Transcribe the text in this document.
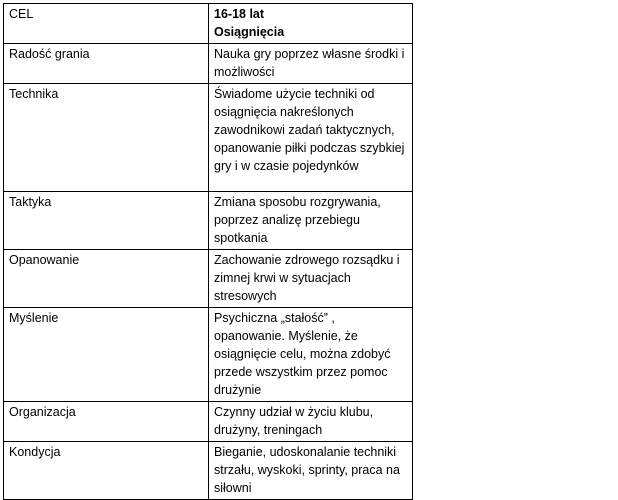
CEL	16-18 lat
Osiągnięcia

Radość grania	Nauka gry poprzez własne środki i możliwości
Technika	Świadome użycie techniki od osiągnięcia nakreślonych zawodnikowi zadań taktycznych, opanowanie piłki podczas szybkiej gry i w czasie pojedynków
Taktyka	Zmiana sposobu rozgrywania, poprzez analizę przebiegu spotkania
Opanowanie	Zachowanie zdrowego rozsądku i zimnej krwi w sytuacjach stresowych
Myślenie	Psychiczna „stałość” , opanowanie. Myślenie, że osiągnięcie celu, można zdobyć przede wszystkim przez pomoc drużynie
Organizacja	Czynny udział w życiu klubu, drużyny, treningach
Kondycja	Bieganie, udoskonalanie techniki strzału, wyskoki, sprinty, praca na siłowni
